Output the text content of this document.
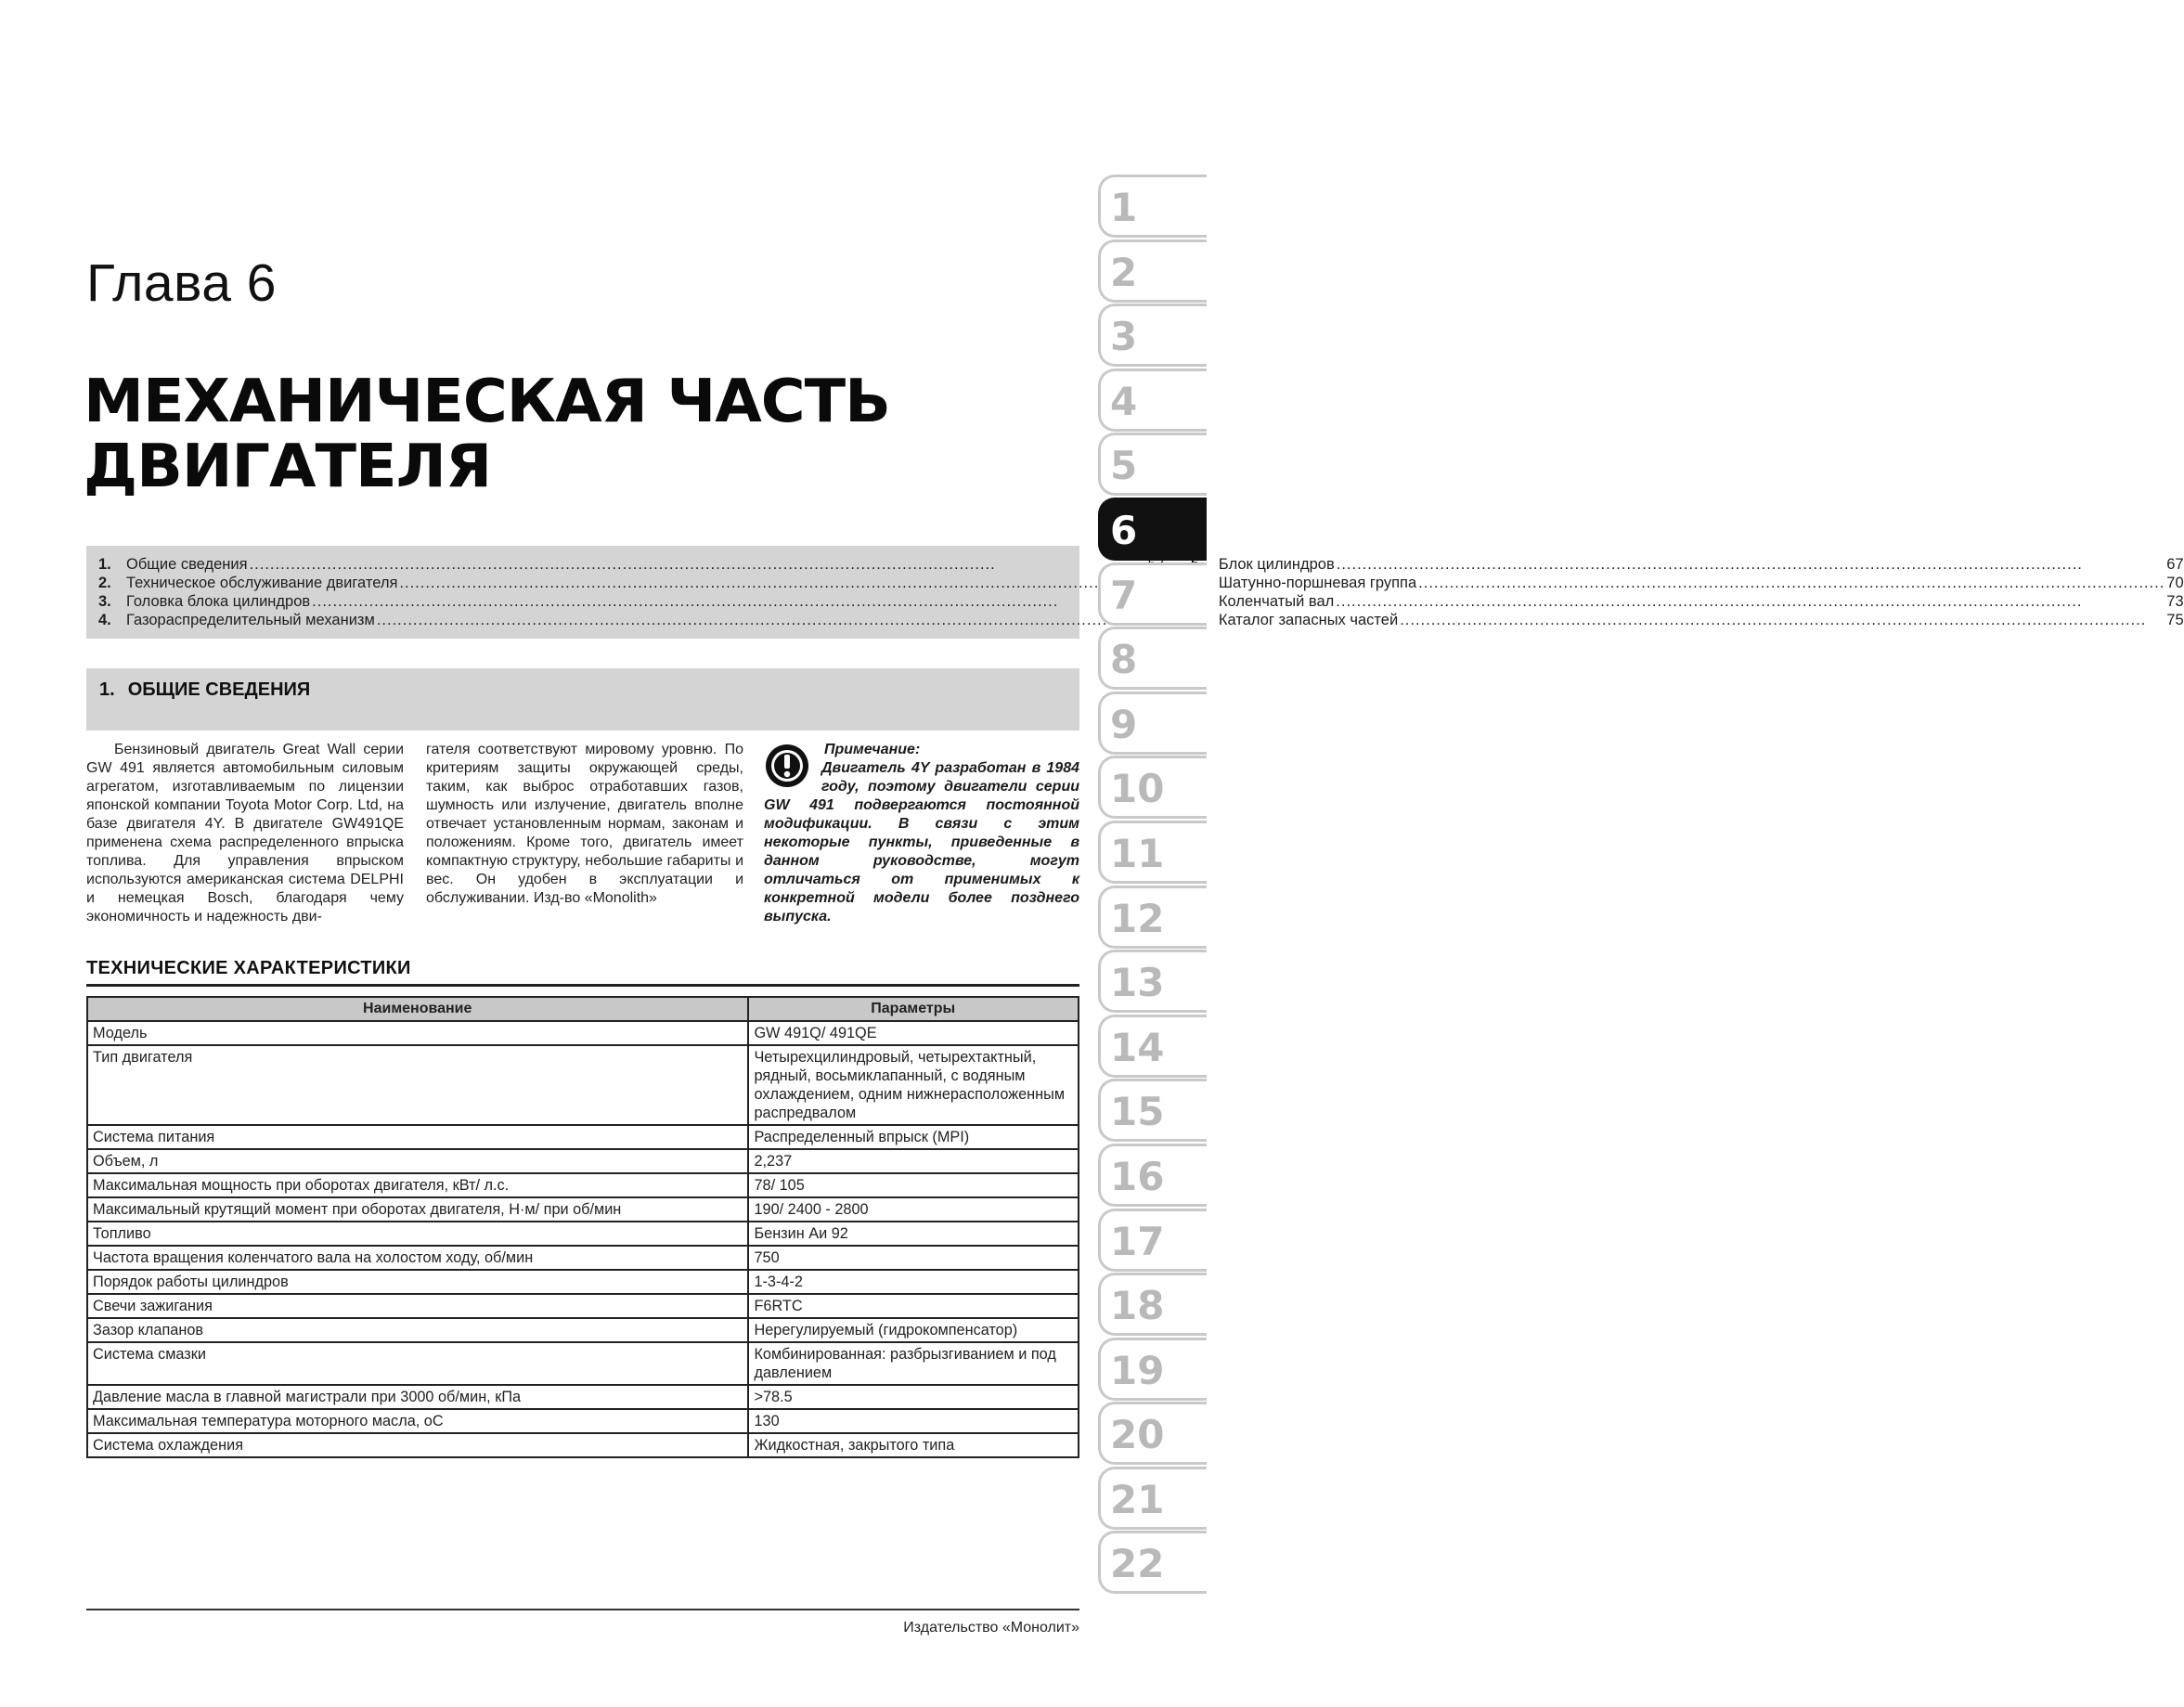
Глава 6
МЕХАНИЧЕСКАЯ ЧАСТЬ
ДВИГАТЕЛЯ
1. Общие сведения
.....
2. Техническое обслуживание двигателя
.....
3. Головка блока цилиндров
.....
4. Газораспределительный механизм
.....
Блок цилиндров .....	67
Шатунно-поршневая группа .....	70
Коленчатый вал .....	73
Каталог запасных частей .....	75
1. ОБЩИЕ СВЕДЕНИЯ
Бензиновый двигатель Great Wall серии GW 491 является автомобильным силовым агрегатом, изготавливаемым по лицензии японской компании Toyota Motor Corp. Ltd, на базе двигателя 4Y. В двигателе GW491QE применена схема распределенного впрыска топлива. Для управления впрыском используются американская система DELPHI и немецкая Bosch, благодаря чему экономичность и надежность дви-
гателя соответствуют мировому уровню. По критериям защиты окружающей среды, таким, как выброс отработавших газов, шумность или излучение, двигатель вполне отвечает установленным нормам, законам и положениям. Кроме того, двигатель имеет компактную структуру, небольшие габариты и вес. Он удобен в эксплуатации и обслуживании. Изд-во «Monolith»
Примечание:
Двигатель 4Y разработан в 1984 году, поэтому двигатели серии GW 491 подвергаются постоянной модификации. В связи с этим некоторые пункты, приведенные в данном руководстве, могут отличаться от применимых к конкретной модели более позднего выпуска.
ТЕХНИЧЕСКИЕ ХАРАКТЕРИСТИКИ
Наименование	Параметры
Модель	GW 491Q/ 491QE
Тип двигателя	Четырехцилиндровый, четырехтактный, рядный, восьмиклапанный, с водяным охлаждением, одним нижнерасположенным распредвалом
Система питания	Распределенный впрыск (MPI)
Объем, л	2,237
Максимальная мощность при оборотах двигателя, кВт/ л.с.	78/ 105
Максимальный крутящий момент при оборотах двигателя, Н·м/ при об/мин	190/ 2400 - 2800
Топливо	Бензин Аи 92
Частота вращения коленчатого вала на холостом ходу, об/мин	750
Порядок работы цилиндров	1-3-4-2
Свечи зажигания	F6RTC
Зазор клапанов	Нерегулируемый (гидрокомпенсатор)
Система смазки	Комбинированная: разбрызгиванием и под давлением
Давление масла в главной магистрали при 3000 об/мин, кПа	>78.5
Максимальная температура моторного масла, oC	130
Система охлаждения	Жидкостная, закрытого типа
Издательство «Монолит»
1
2
3
4
5
6
7
8
9
10
11
12
13
14
15
16
17
18
19
20
21
22
